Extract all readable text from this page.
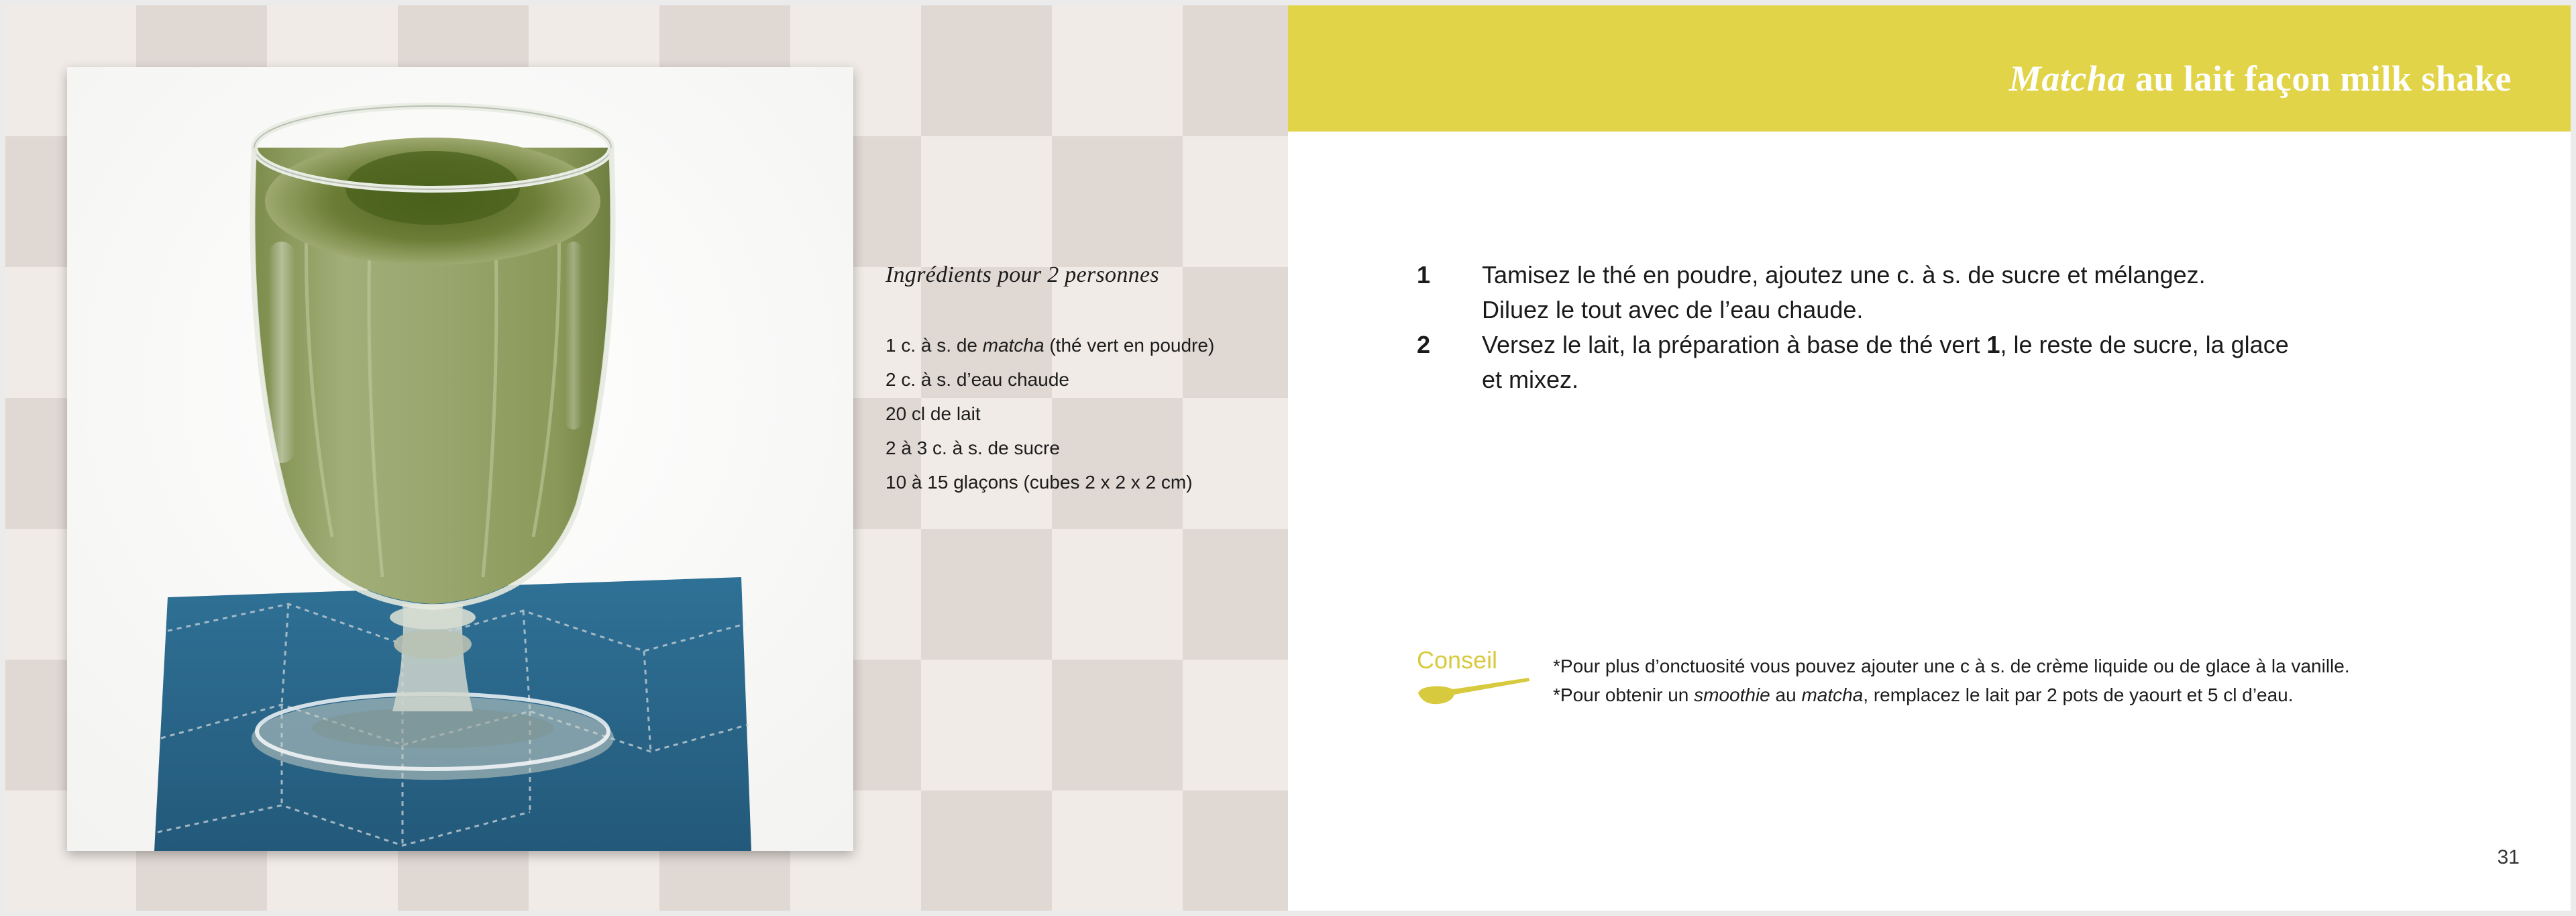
Ingrédients pour 2 personnes

1 c. à s. de matcha (thé vert en poudre)
2 c. à s. d’eau chaude
20 cl de lait
2 à 3 c. à s. de sucre
10 à 15 glaçons (cubes 2 x 2 x 2 cm)
Matcha au lait façon milk shake
1 Tamisez le thé en poudre, ajoutez une c. à s. de sucre et mélangez.
Diluez le tout avec de l’eau chaude.
2 Versez le lait, la préparation à base de thé vert 1, le reste de sucre, la glace
et mixez.
Conseil	*Pour plus d’onctuosité vous pouvez ajouter une c à s. de crème liquide ou de glace à la vanille.
*Pour obtenir un smoothie au matcha, remplacez le lait par 2 pots de yaourt et 5 cl d’eau.
31
